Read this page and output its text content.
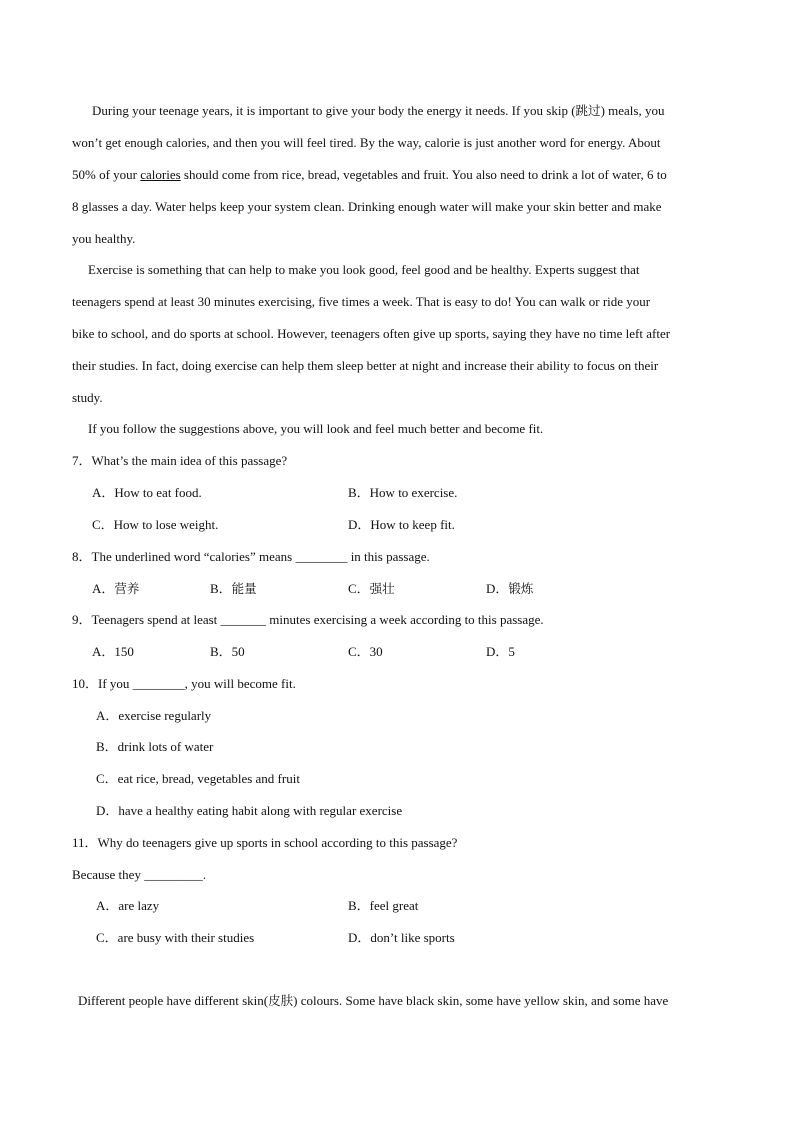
During your teenage years, it is important to give your body the energy it needs. If you skip (跳过) meals, you
won’t get enough calories, and then you will feel tired. By the way, calorie is just another word for energy. About
50% of your calories should come from rice, bread, vegetables and fruit. You also need to drink a lot of water, 6 to
8 glasses a day. Water helps keep your system clean. Drinking enough water will make your skin better and make
you healthy.
Exercise is something that can help to make you look good, feel good and be healthy. Experts suggest that
teenagers spend at least 30 minutes exercising, five times a week. That is easy to do! You can walk or ride your
bike to school, and do sports at school. However, teenagers often give up sports, saying they have no time left after
their studies. In fact, doing exercise can help them sleep better at night and increase their ability to focus on their
study.
If you follow the suggestions above, you will look and feel much better and become fit.
7．What’s the main idea of this passage?
A．How to eat food.	B．How to exercise.
C．How to lose weight.	D．How to keep fit.
8．The underlined word “calories” means ________ in this passage.
A．营养	B．能量	C．强壮	D．锻炼
9．Teenagers spend at least _______ minutes exercising a week according to this passage.
A．150	B．50	C．30	D．5
10．If you ________, you will become fit.
A．exercise regularly
B．drink lots of water
C．eat rice, bread, vegetables and fruit
D．have a healthy eating habit along with regular exercise
11．Why do teenagers give up sports in school according to this passage?
Because they _________.
A．are lazy	B．feel great
C．are busy with their studies	D．don’t like sports
Different people have different skin(皮肤) colours. Some have black skin, some have yellow skin, and some have
